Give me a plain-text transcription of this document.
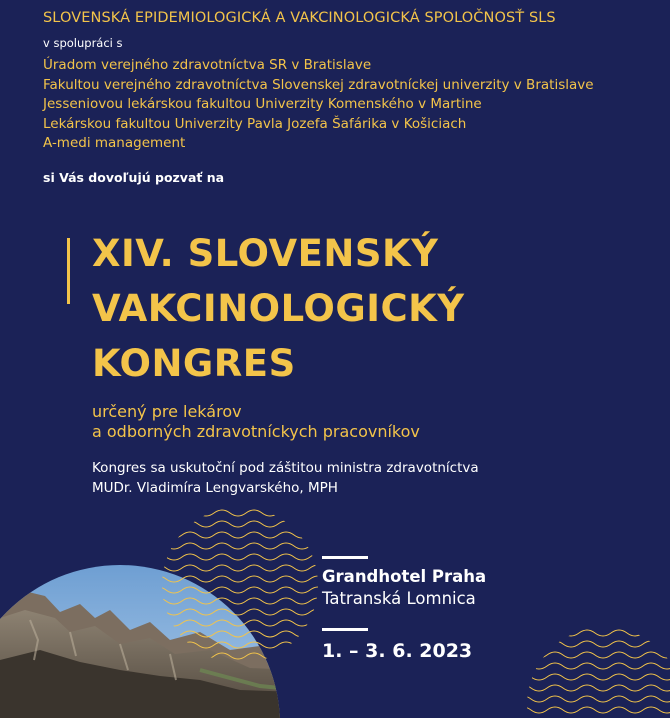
SLOVENSKÁ EPIDEMIOLOGICKÁ A VAKCINOLOGICKÁ SPOLOČNOSŤ SLS
v spolupráci s
Úradom verejného zdravotníctva SR v Bratislave
Fakultou verejného zdravotníctva Slovenskej zdravotníckej univerzity v Bratislave
Jesseniovou lekárskou fakultou Univerzity Komenského v Martine
Lekárskou fakultou Univerzity Pavla Jozefa Šafárika v Košiciach
A-medi management
si Vás dovoľujú pozvať na
XIV. SLOVENSKÝ
VAKCINOLOGICKÝ
KONGRES
určený pre lekárov
a odborných zdravotníckych pracovníkov
Kongres sa uskutoční pod záštitou ministra zdravotníctva
MUDr. Vladimíra Lengvarského, MPH
Grandhotel Praha
Tatranská Lomnica
1. – 3. 6. 2023
